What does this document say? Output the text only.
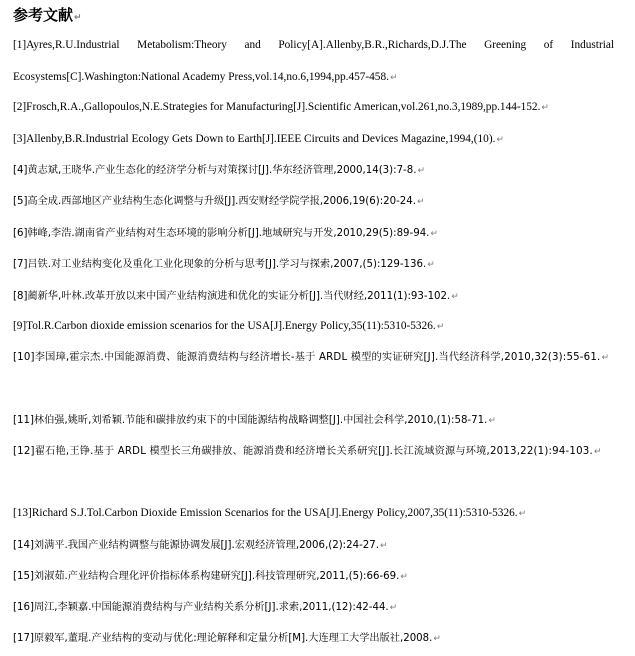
参考文献↵
[1]Ayres,R.U.Industrial Metabolism:Theory and Policy[A].Allenby,B.R.,Richards,D.J.The Greening of Industrial Ecosystems[C].Washington:National Academy Press,vol.14,no.6,1994,pp.457-458.↵
[2]Frosch,R.A.,Gallopoulos,N.E.Strategies for Manufacturing[J].Scientific American,vol.261,no.3,1989,pp.144-152.↵
[3]Allenby,B.R.Industrial Ecology Gets Down to Earth[J].IEEE Circuits and Devices Magazine,1994,(10).↵
[4]黄志斌,王晓华.产业生态化的经济学分析与对策探讨[J].华东经济管理,2000,14(3):7-8.↵
[5]高全成.西部地区产业结构生态化调整与升级[J].西安财经学院学报,2006,19(6):20-24.↵
[6]韩峰,李浩.湖南省产业结构对生态环境的影响分析[J].地域研究与开发,2010,29(5):89-94.↵
[7]吕铁.对工业结构变化及重化工业化现象的分析与思考[J].学习与探索,2007,(5):129-136.↵
[8]蔺新华,叶林.改革开放以来中国产业结构演进和优化的实证分析[J].当代财经,2011(1):93-102.↵
[9]Tol.R.Carbon dioxide emission scenarios for the USA[J].Energy Policy,35(11):5310-5326.↵
[10]李国璋,霍宗杰.中国能源消费、能源消费结构与经济增长-基于 ARDL 模型的实证研究[J].当代经济科学,2010,32(3):55-61.↵
[11]林伯强,姚昕,刘希颖.节能和碳排放约束下的中国能源结构战略调整[J].中国社会科学,2010,(1):58-71.↵
[12]翟石艳,王铮.基于 ARDL 模型长三角碳排放、能源消费和经济增长关系研究[J].长江流域资源与环境,2013,22(1):94-103.↵
[13]Richard S.J.Tol.Carbon Dioxide Emission Scenarios for the USA[J].Energy Policy,2007,35(11):5310-5326.↵
[14]刘满平.我国产业结构调整与能源协调发展[J].宏观经济管理,2006,(2):24-27.↵
[15]刘淑茹.产业结构合理化评价指标体系构建研究[J].科技管理研究,2011,(5):66-69.↵
[16]周江,李颖嘉.中国能源消费结构与产业结构关系分析[J].求索,2011,(12):42-44.↵
[17]原毅军,董琨.产业结构的变动与优化:理论解释和定量分析[M].大连理工大学出版社,2008.↵
